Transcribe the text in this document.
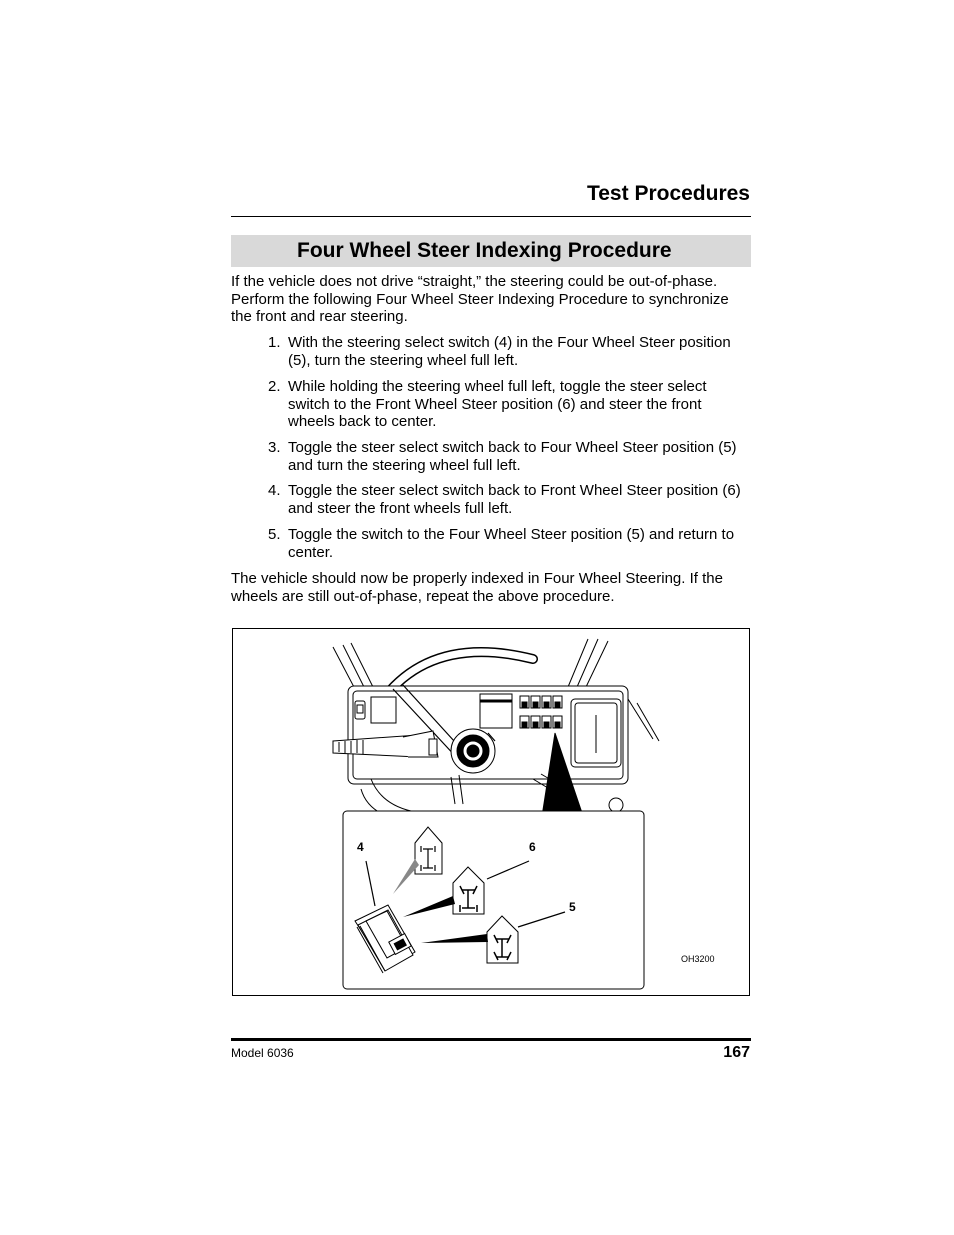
Test Procedures
Four Wheel Steer Indexing Procedure
If the vehicle does not drive “straight,” the steering could be out-of-phase. Perform the following Four Wheel Steer Indexing Procedure to synchronize the front and rear steering.
1. With the steering select switch (4) in the Four Wheel Steer position (5), turn the steering wheel full left.
2. While holding the steering wheel full left, toggle the steer select switch to the Front Wheel Steer position (6) and steer the front wheels back to center.
3. Toggle the steer select switch back to Four Wheel Steer position (5) and turn the steering wheel full left.
4. Toggle the steer select switch back to Front Wheel Steer position (6) and steer the front wheels full left.
5. Toggle the switch to the Four Wheel Steer position (5) and return to center.
The vehicle should now be properly indexed in Four Wheel Steering. If the wheels are still out-of-phase, repeat the above procedure.
4	6
5
OH3200
Model 6036	167
